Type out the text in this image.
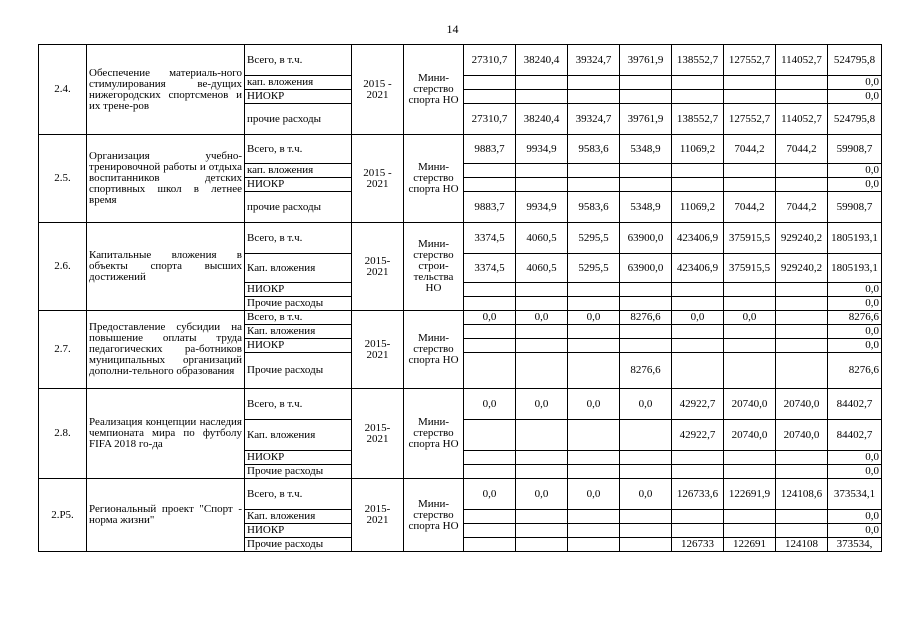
14
2.4.	Обеспечение материаль-ного стимулирования ве-дущих нижегородских спортсменов и их трене-ров	Всего, в т.ч.	2015 - 2021	Мини-стерство спорта НО	27310,7	38240,4	39324,7	39761,9	138552,7	127552,7	114052,7	524795,8
		кап. вложения										0,0
		НИОКР										0,0
		прочие расходы			27310,7	38240,4	39324,7	39761,9	138552,7	127552,7	114052,7	524795,8
2.5.	Организация учебно-тренировочной работы и отдыха воспитанников детских спортивных школ в летнее время	Всего, в т.ч.	2015 - 2021	Мини-стерство спорта НО	9883,7	9934,9	9583,6	5348,9	11069,2	7044,2	7044,2	59908,7
		кап. вложения										0,0
		НИОКР										0,0
		прочие расходы			9883,7	9934,9	9583,6	5348,9	11069,2	7044,2	7044,2	59908,7
2.6.	Капитальные вложения в объекты спорта высших достижений	Всего, в т.ч.	2015-2021	Мини-стерство строи-тельства НО	3374,5	4060,5	5295,5	63900,0	423406,9	375915,5	929240,2	1805193,1
		Кап. вложения			3374,5	4060,5	5295,5	63900,0	423406,9	375915,5	929240,2	1805193,1
		НИОКР										0,0
		Прочие расходы										0,0
2.7.	Предоставление субсидии на повышение оплаты труда педагогических ра-ботников муниципальных организаций дополни-тельного образования	Всего, в т.ч.	2015-2021	Мини-стерство спорта НО	0,0	0,0	0,0	8276,6	0,0	0,0		8276,6
		Кап. вложения										0,0
		НИОКР										0,0
		Прочие расходы						8276,6				8276,6
2.8.	Реализация концепции наследия чемпионата мира по футболу FIFA 2018 го-да	Всего, в т.ч.	2015-2021	Мини-стерство спорта НО	0,0	0,0	0,0	0,0	42922,7	20740,0	20740,0	84402,7
		Кап. вложения							42922,7	20740,0	20740,0	84402,7
		НИОКР										0,0
		Прочие расходы										0,0
2.Р5.	Региональный проект "Спорт - норма жизни"	Всего, в т.ч.	2015-2021	Мини-стерство спорта НО	0,0	0,0	0,0	0,0	126733,6	122691,9	124108,6	373534,1
		Кап. вложения										0,0
		НИОКР										0,0
		Прочие расходы							126733	122691	124108	373534,
